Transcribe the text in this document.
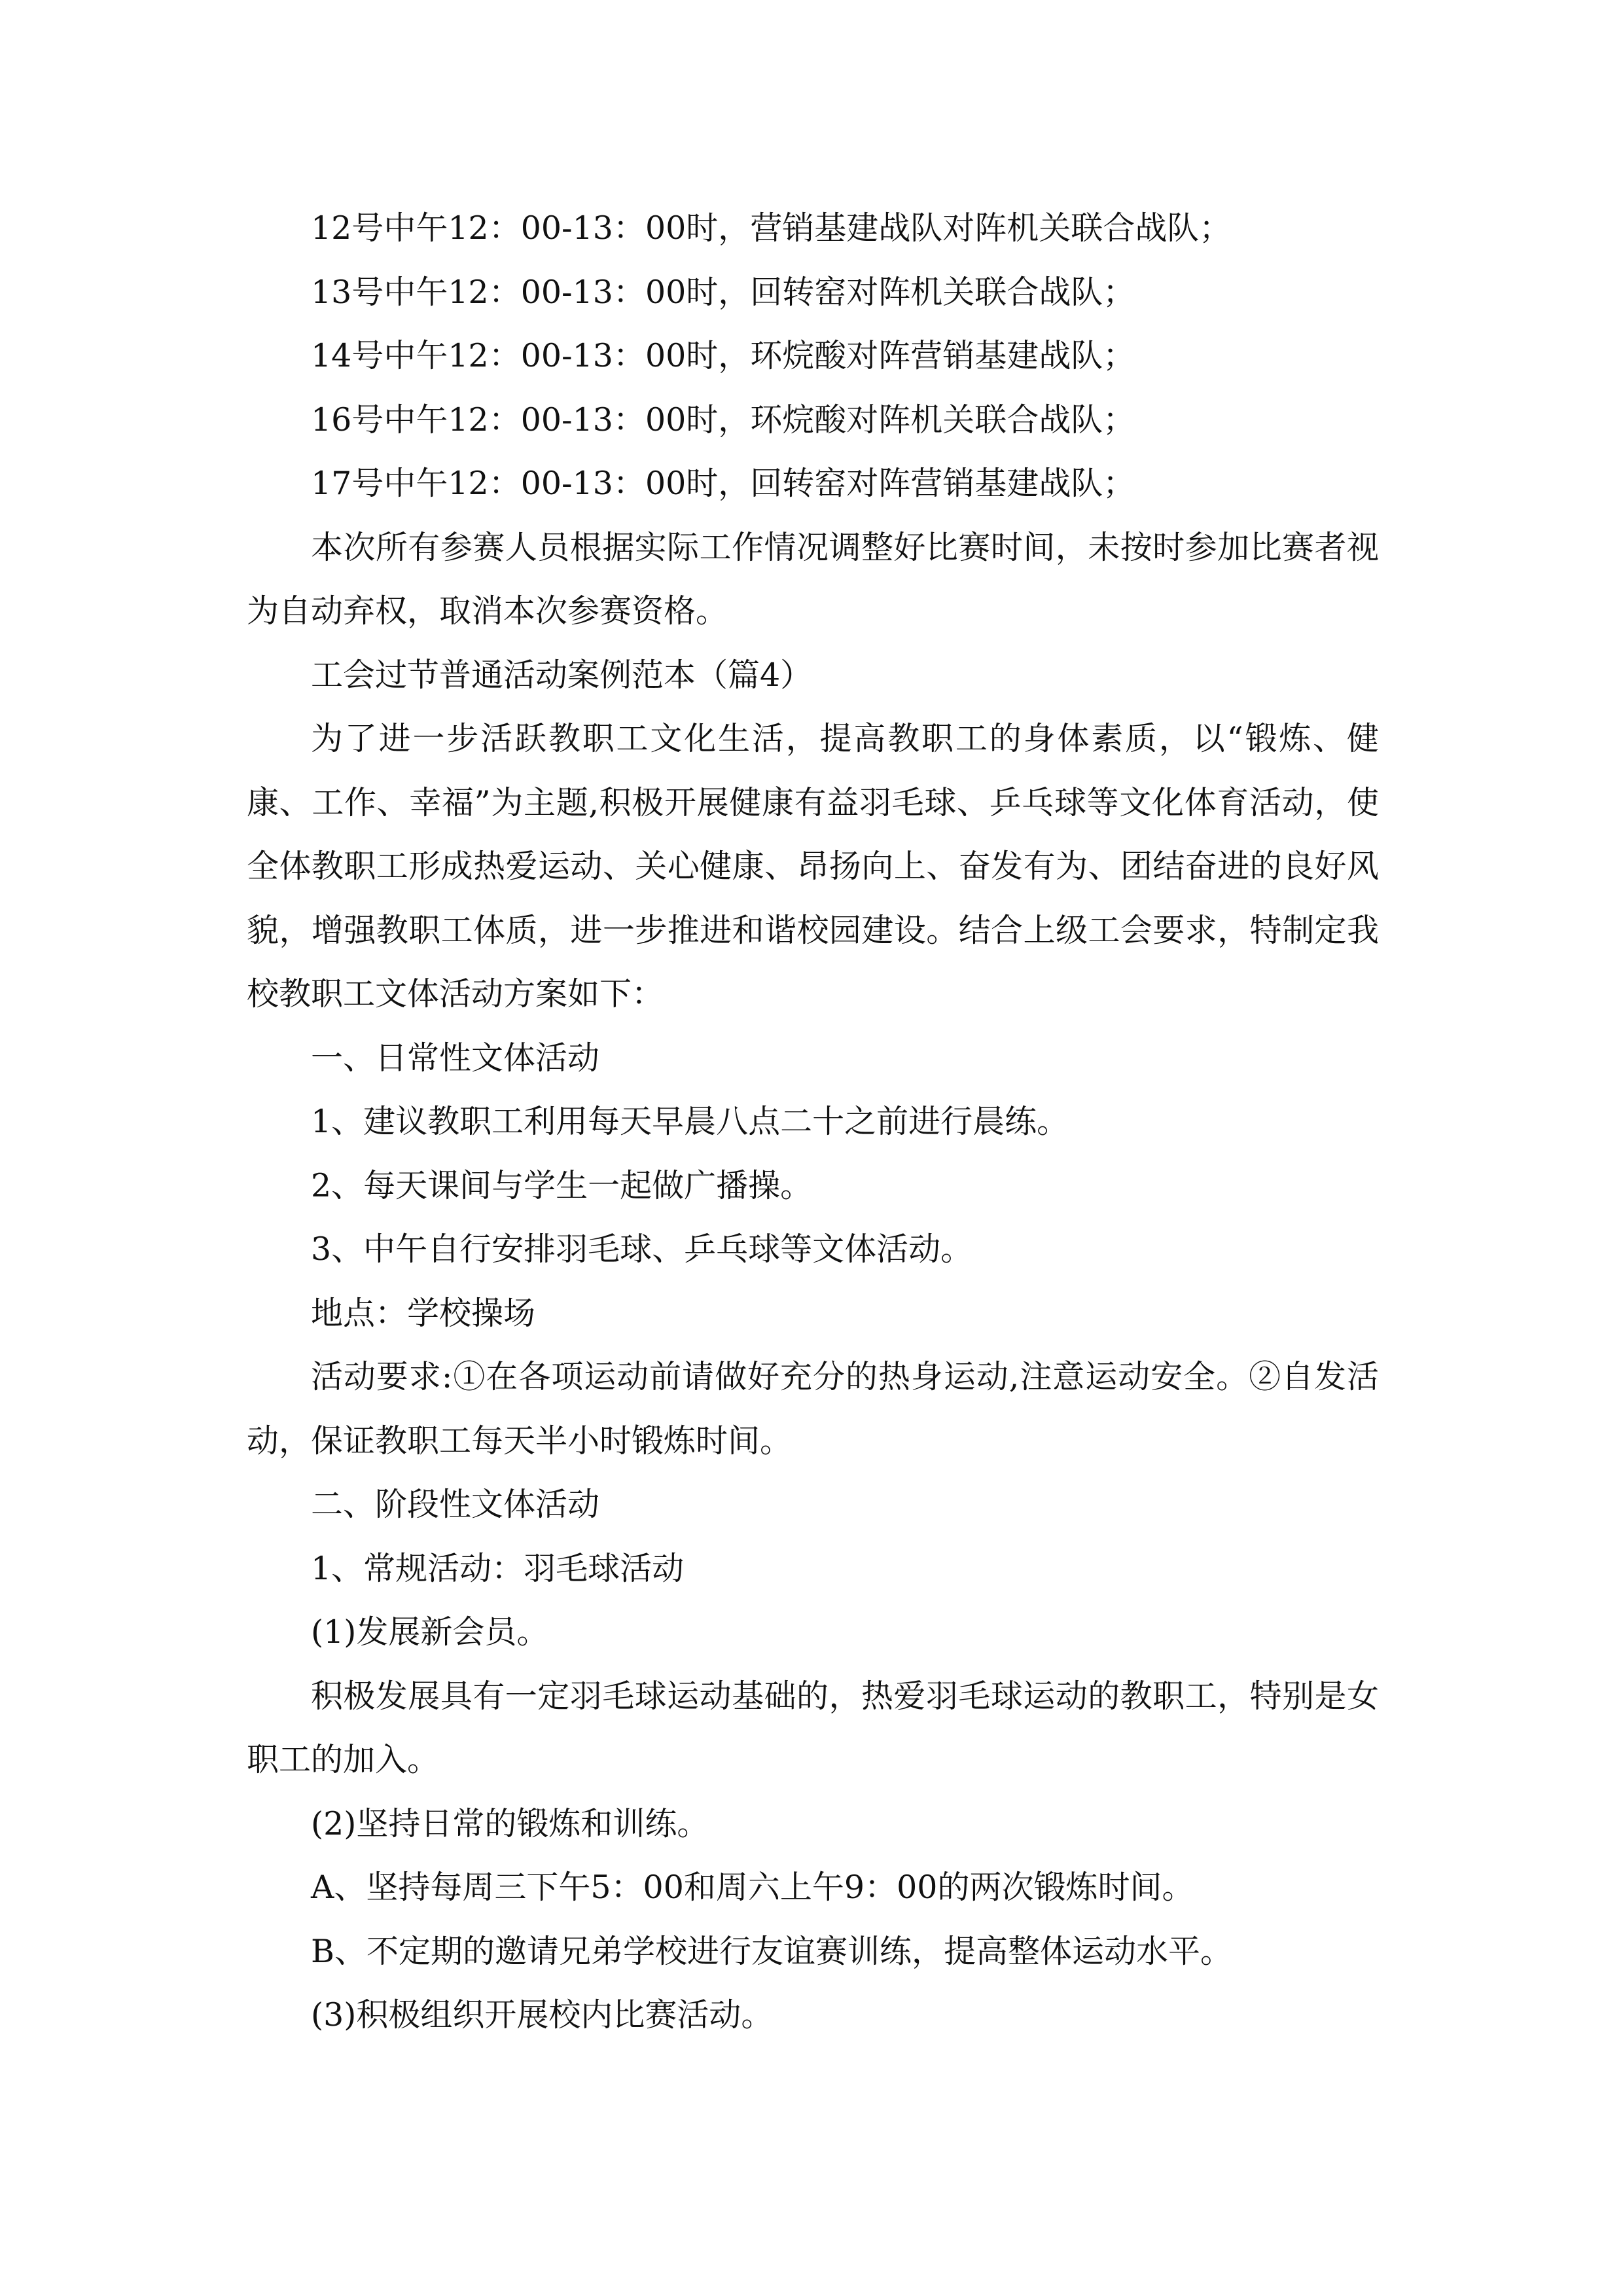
12号中午12：00-13：00时，营销基建战队对阵机关联合战队；

13号中午12：00-13：00时，回转窑对阵机关联合战队；

14号中午12：00-13：00时，环烷酸对阵营销基建战队；

16号中午12：00-13：00时，环烷酸对阵机关联合战队；

17号中午12：00-13：00时，回转窑对阵营销基建战队；

本次所有参赛人员根据实际工作情况调整好比赛时间，未按时参加比赛者视为自动弃权，取消本次参赛资格。

工会过节普通活动案例范本（篇4）

为了进一步活跃教职工文化生活，提高教职工的身体素质，以“锻炼、健康、工作、幸福”为主题,积极开展健康有益羽毛球、乒乓球等文化体育活动，使全体教职工形成热爱运动、关心健康、昂扬向上、奋发有为、团结奋进的良好风貌，增强教职工体质，进一步推进和谐校园建设。结合上级工会要求，特制定我校教职工文体活动方案如下：

一、日常性文体活动

1、建议教职工利用每天早晨八点二十之前进行晨练。

2、每天课间与学生一起做广播操。

3、中午自行安排羽毛球、乒乓球等文体活动。

地点：学校操场

活动要求:①在各项运动前请做好充分的热身运动,注意运动安全。②自发活动，保证教职工每天半小时锻炼时间。

二、阶段性文体活动

1、常规活动：羽毛球活动

(1)发展新会员。

积极发展具有一定羽毛球运动基础的，热爱羽毛球运动的教职工，特别是女职工的加入。

(2)坚持日常的锻炼和训练。

A、坚持每周三下午5：00和周六上午9：00的两次锻炼时间。

B、不定期的邀请兄弟学校进行友谊赛训练，提高整体运动水平。

(3)积极组织开展校内比赛活动。
